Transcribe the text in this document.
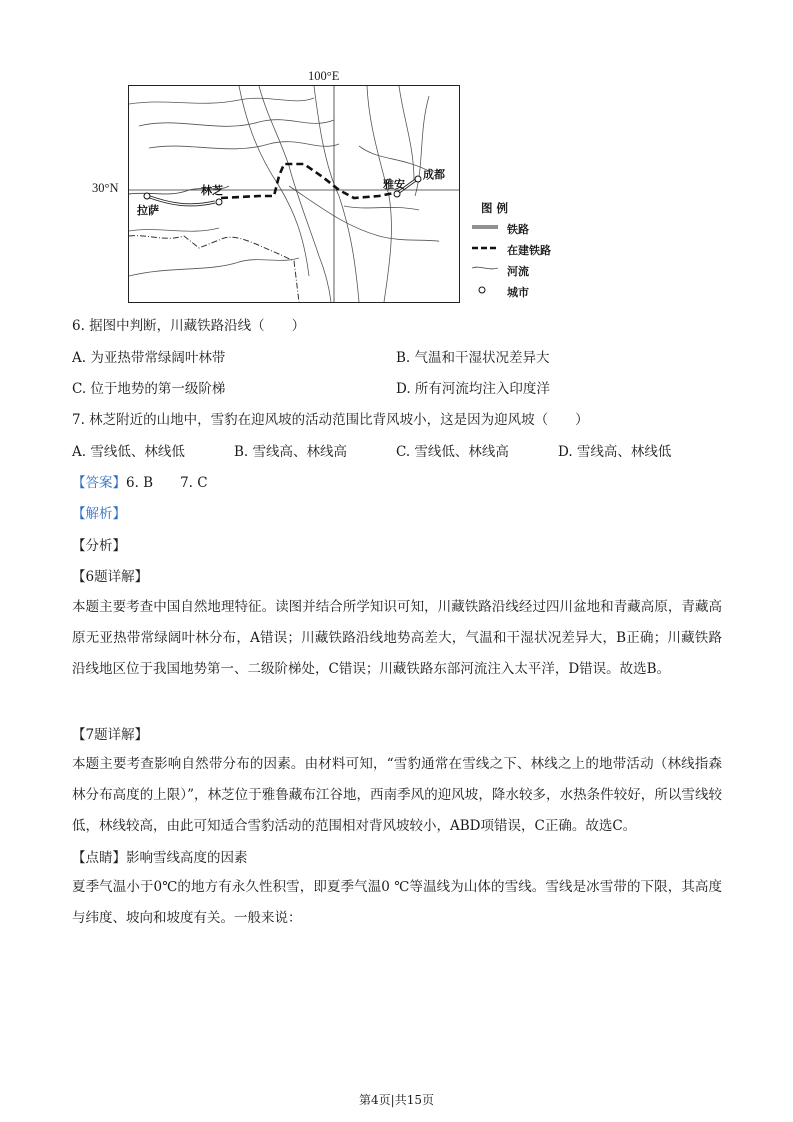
100°E
30°N
拉萨
林芝	雅安
成都
图 例
铁路
在建铁路
河流
城市
6. 据图中判断，川藏铁路沿线（　　）
A. 为亚热带常绿阔叶林带	B. 气温和干湿状况差异大
C. 位于地势的第一级阶梯	D. 所有河流均注入印度洋
7. 林芝附近的山地中，雪豹在迎风坡的活动范围比背风坡小，这是因为迎风坡（　　）
A. 雪线低、林线低	B. 雪线高、林线高	C. 雪线低、林线高	D. 雪线高、林线低
【答案】6. B　　7. C
【解析】
【分析】
【6题详解】
本题主要考查中国自然地理特征。读图并结合所学知识可知，川藏铁路沿线经过四川盆地和青藏高原，青藏高原无亚热带常绿阔叶林分布，A错误；川藏铁路沿线地势高差大，气温和干湿状况差异大，B正确；川藏铁路沿线地区位于我国地势第一、二级阶梯处，C错误；川藏铁路东部河流注入太平洋，D错误。故选B。
【7题详解】
本题主要考查影响自然带分布的因素。由材料可知，“雪豹通常在雪线之下、林线之上的地带活动（林线指森林分布高度的上限）”，林芝位于雅鲁藏布江谷地，西南季风的迎风坡，降水较多，水热条件较好，所以雪线较低，林线较高，由此可知适合雪豹活动的范围相对背风坡较小，ABD项错误，C正确。故选C。
【点睛】影响雪线高度的因素
夏季气温小于0℃的地方有永久性积雪，即夏季气温0 ℃等温线为山体的雪线。雪线是冰雪带的下限，其高度与纬度、坡向和坡度有关。一般来说：
第4页|共15页
